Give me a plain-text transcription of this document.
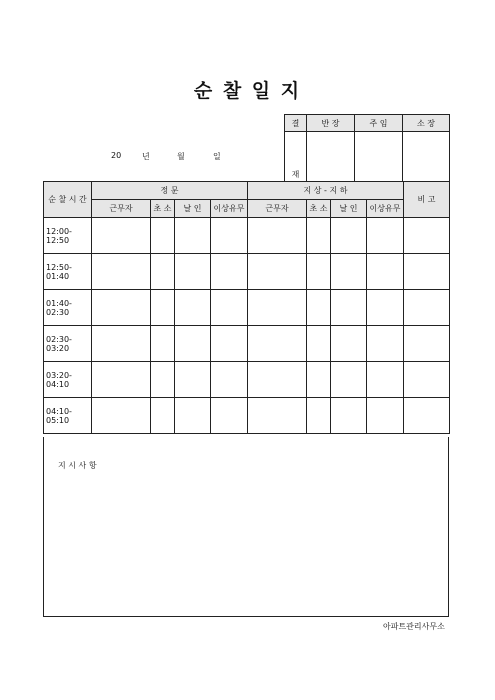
순 찰 일 지
20	년	월	일
결	반 장	주 임	소 장
재			
순 찰 시 간	정 문				지 상 - 지 하				비 고
	근무자	초 소	날 인	이상유무	근무자	초 소	날 인	이상유무	
12:00-12:50									
12:50-01:40									
01:40-02:30									
02:30-03:20									
03:20-04:10									
04:10-05:10									
지 시 사 항
아파트관리사무소
